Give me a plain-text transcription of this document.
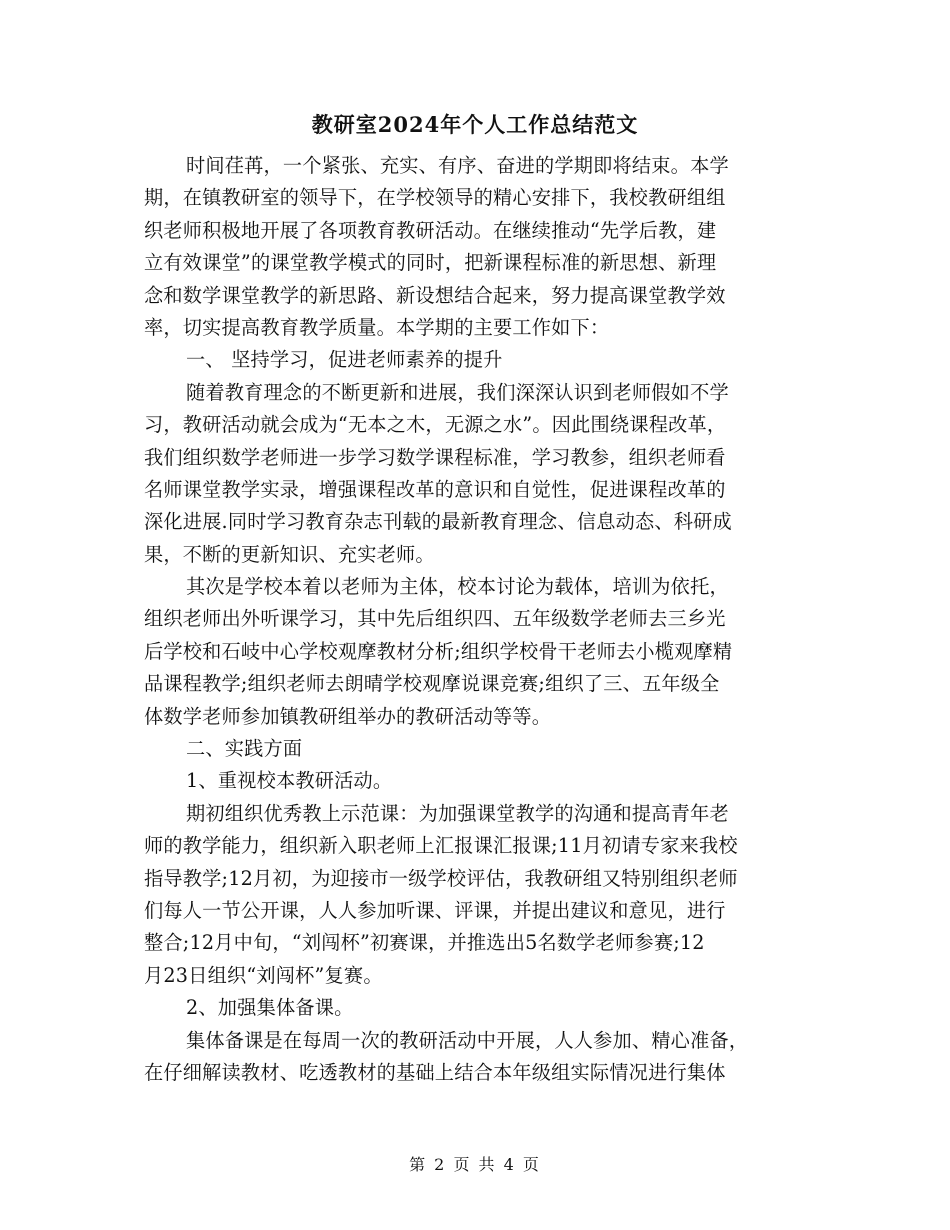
教研室2024年个人工作总结范文
时间荏苒，一个紧张、充实、有序、奋进的学期即将结束。本学
期，在镇教研室的领导下，在学校领导的精心安排下，我校教研组组
织老师积极地开展了各项教育教研活动。在继续推动“先学后教，建
立有效课堂”的课堂教学模式的同时，把新课程标准的新思想、新理
念和数学课堂教学的新思路、新设想结合起来，努力提高课堂教学效
率，切实提高教育教学质量。本学期的主要工作如下：
一、 坚持学习，促进老师素养的提升
随着教育理念的不断更新和进展，我们深深认识到老师假如不学
习，教研活动就会成为“无本之木，无源之水”。因此围绕课程改革，
我们组织数学老师进一步学习数学课程标准，学习教参，组织老师看
名师课堂教学实录，增强课程改革的意识和自觉性，促进课程改革的
深化进展.同时学习教育杂志刊载的最新教育理念、信息动态、科研成
果，不断的更新知识、充实老师。
其次是学校本着以老师为主体，校本讨论为载体，培训为依托，
组织老师出外听课学习，其中先后组织四、五年级数学老师去三乡光
后学校和石岐中心学校观摩教材分析;组织学校骨干老师去小榄观摩精
品课程教学;组织老师去朗晴学校观摩说课竞赛;组织了三、五年级全
体数学老师参加镇教研组举办的教研活动等等。
二、实践方面
1、重视校本教研活动。
期初组织优秀教上示范课：为加强课堂教学的沟通和提高青年老
师的教学能力，组织新入职老师上汇报课汇报课;11月初请专家来我校
指导教学;12月初，为迎接市一级学校评估，我教研组又特别组织老师
们每人一节公开课，人人参加听课、评课，并提出建议和意见，进行
整合;12月中旬，“刘闯杯”初赛课，并推选出5名数学老师参赛;12
月23日组织“刘闯杯”复赛。
2、加强集体备课。
集体备课是在每周一次的教研活动中开展，人人参加、精心准备，
在仔细解读教材、吃透教材的基础上结合本年级组实际情况进行集体
第 2 页 共 4 页
